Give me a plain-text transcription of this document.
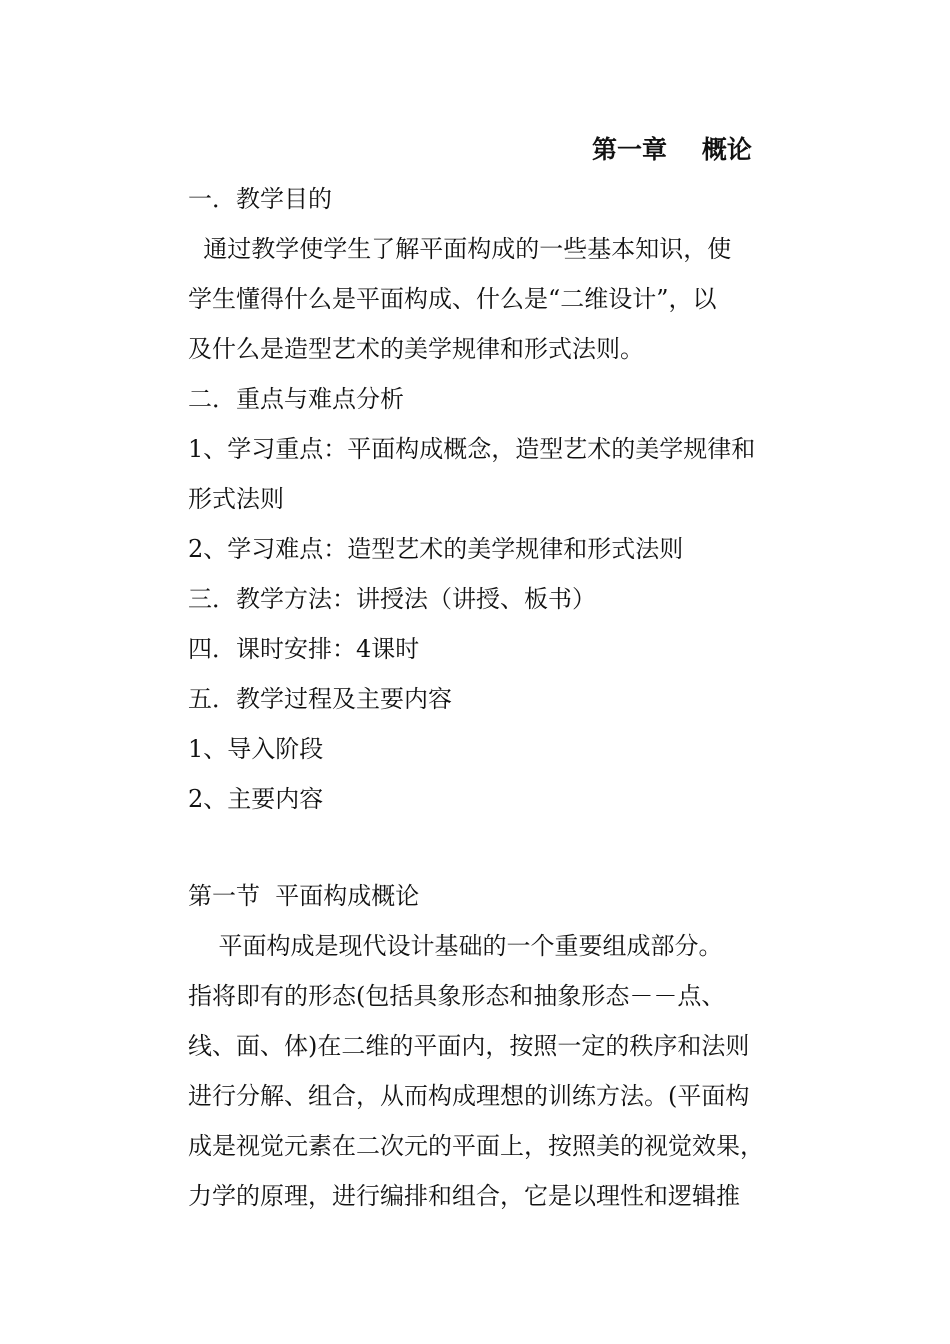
第一章    概论
一．教学目的
通过教学使学生了解平面构成的一些基本知识，使
学生懂得什么是平面构成、什么是“二维设计”，以
及什么是造型艺术的美学规律和形式法则。
二．重点与难点分析
1、学习重点：平面构成概念，造型艺术的美学规律和
形式法则
2、学习难点：造型艺术的美学规律和形式法则
三．教学方法：讲授法（讲授、板书）
四．课时安排：4课时
五．教学过程及主要内容
1、导入阶段
2、主要内容
第一节  平面构成概论
平面构成是现代设计基础的一个重要组成部分。
指将即有的形态(包括具象形态和抽象形态－－点、
线、面、体)在二维的平面内，按照一定的秩序和法则
进行分解、组合，从而构成理想的训练方法。(平面构
成是视觉元素在二次元的平面上，按照美的视觉效果，
力学的原理，进行编排和组合，它是以理性和逻辑推
